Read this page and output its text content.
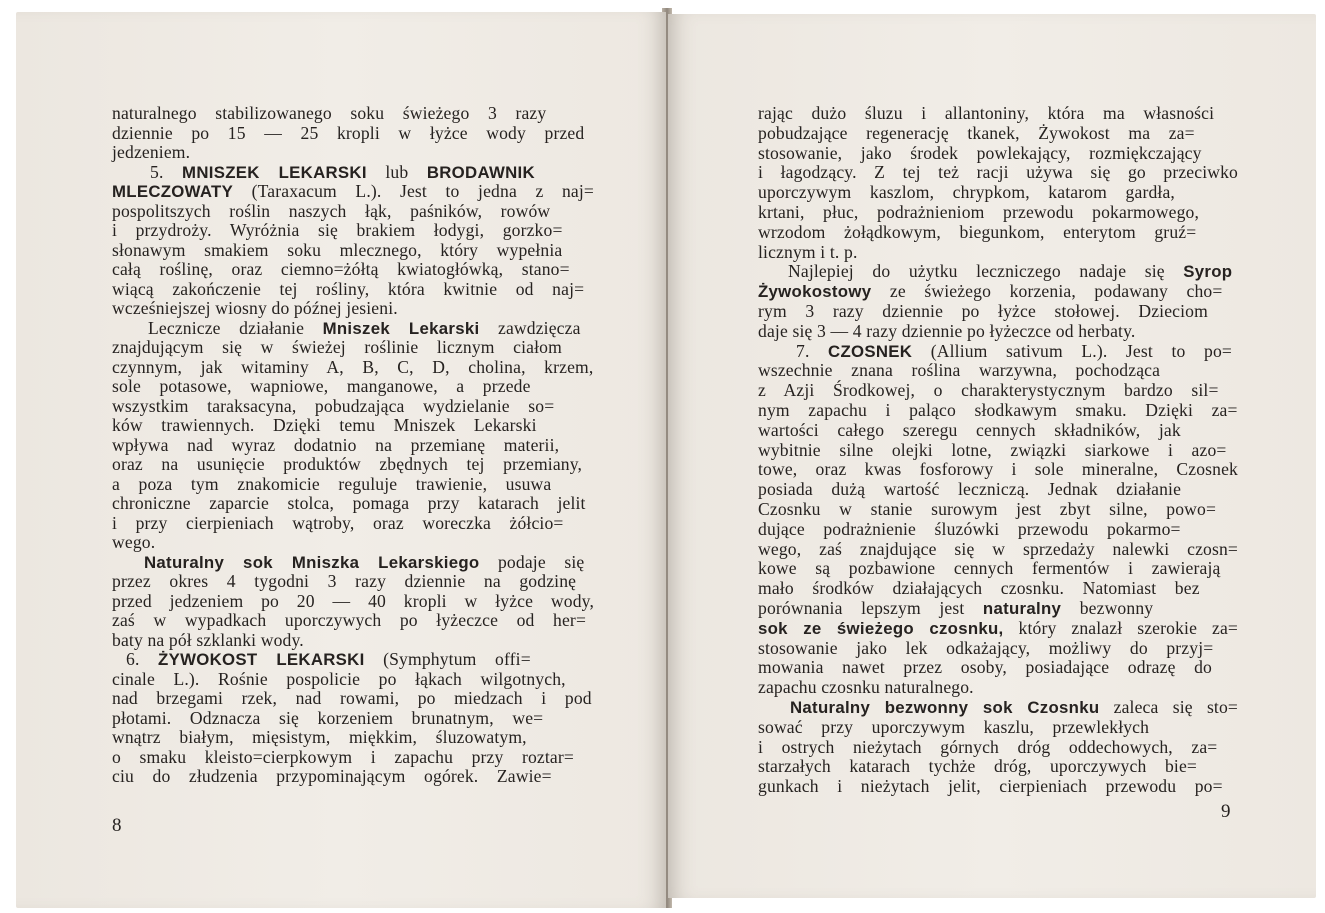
naturalnego stabilizowanego soku świeżego 3 razy
dziennie po 15 — 25 kropli w łyżce wody przed
jedzeniem.
5. MNISZEK LEKARSKI lub BRODAWNIK
MLECZOWATY (Taraxacum L.). Jest to jedna z naj=
pospolitszych roślin naszych łąk, paśników, rowów
i przydroży. Wyróżnia się brakiem łodygi, gorzko=
słonawym smakiem soku mlecznego, który wypełnia
całą roślinę, oraz ciemno=żółtą kwiatogłówką, stano=
wiącą zakończenie tej rośliny, która kwitnie od naj=
wcześniejszej wiosny do późnej jesieni.
Lecznicze działanie Mniszek Lekarski zawdzięcza
znajdującym się w świeżej roślinie licznym ciałom
czynnym, jak witaminy A, B, C, D, cholina, krzem,
sole potasowe, wapniowe, manganowe, a przede
wszystkim taraksacyna, pobudzająca wydzielanie so=
ków trawiennych. Dzięki temu Mniszek Lekarski
wpływa nad wyraz dodatnio na przemianę materii,
oraz na usunięcie produktów zbędnych tej przemiany,
a poza tym znakomicie reguluje trawienie, usuwa
chroniczne zaparcie stolca, pomaga przy katarach jelit
i przy cierpieniach wątroby, oraz woreczka żółcio=
wego.
Naturalny sok Mniszka Lekarskiego podaje się
przez okres 4 tygodni 3 razy dziennie na godzinę
przed jedzeniem po 20 — 40 kropli w łyżce wody,
zaś w wypadkach uporczywych po łyżeczce od her=
baty na pół szklanki wody.
6. ŻYWOKOST LEKARSKI (Symphytum offi=
cinale L.). Rośnie pospolicie po łąkach wilgotnych,
nad brzegami rzek, nad rowami, po miedzach i pod
płotami. Odznacza się korzeniem brunatnym, we=
wnątrz białym, mięsistym, miękkim, śluzowatym,
o smaku kleisto=cierpkowym i zapachu przy roztar=
ciu do złudzenia przypominającym ogórek. Zawie=
rając dużo śluzu i allantoniny, która ma własności
pobudzające regenerację tkanek, Żywokost ma za=
stosowanie, jako środek powlekający, rozmiękczający
i łagodzący. Z tej też racji używa się go przeciwko
uporczywym kaszlom, chrypkom, katarom gardła,
krtani, płuc, podrażnieniom przewodu pokarmowego,
wrzodom żołądkowym, biegunkom, enterytom gruź=
licznym i t. p.
Najlepiej do użytku leczniczego nadaje się Syrop
Żywokostowy ze świeżego korzenia, podawany cho=
rym 3 razy dziennie po łyżce stołowej. Dzieciom
daje się 3 — 4 razy dziennie po łyżeczce od herbaty.
7. CZOSNEK (Allium sativum L.). Jest to po=
wszechnie znana roślina warzywna, pochodząca
z Azji Środkowej, o charakterystycznym bardzo sil=
nym zapachu i paląco słodkawym smaku. Dzięki za=
wartości całego szeregu cennych składników, jak
wybitnie silne olejki lotne, związki siarkowe i azo=
towe, oraz kwas fosforowy i sole mineralne, Czosnek
posiada dużą wartość leczniczą. Jednak działanie
Czosnku w stanie surowym jest zbyt silne, powo=
dujące podrażnienie śluzówki przewodu pokarmo=
wego, zaś znajdujące się w sprzedaży nalewki czosn=
kowe są pozbawione cennych fermentów i zawierają
mało środków działających czosnku. Natomiast bez
porównania lepszym jest naturalny bezwonny
sok ze świeżego czosnku, który znalazł szerokie za=
stosowanie jako lek odkażający, możliwy do przyj=
mowania nawet przez osoby, posiadające odrazę do
zapachu czosnku naturalnego.
Naturalny bezwonny sok Czosnku zaleca się sto=
sować przy uporczywym kaszlu, przewlekłych
i ostrych nieżytach górnych dróg oddechowych, za=
starzałych katarach tychże dróg, uporczywych bie=
gunkach i nieżytach jelit, cierpieniach przewodu po=
8
9
